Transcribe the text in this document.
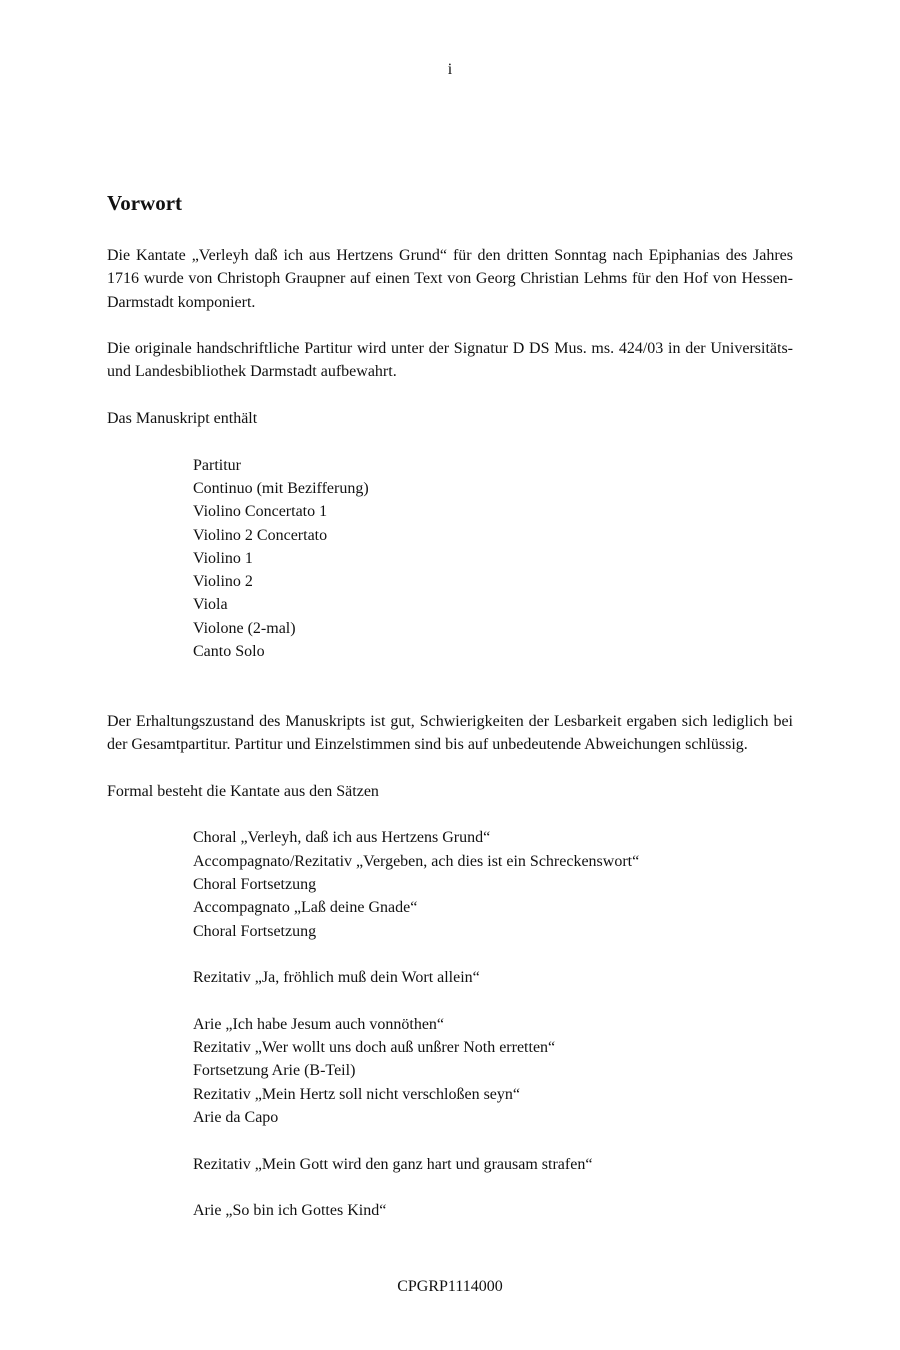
i
Vorwort

Die Kantate „Verleyh daß ich aus Hertzens Grund“ für den dritten Sonntag nach Epiphanias des Jahres 1716 wurde von Christoph Graupner auf einen Text von Georg Christian Lehms für den Hof von Hessen-Darmstadt komponiert.

Die originale handschriftliche Partitur wird unter der Signatur D DS Mus. ms. 424/03 in der Universitäts- und Landesbibliothek Darmstadt aufbewahrt.

Das Manuskript enthält

Partitur
Continuo (mit Bezifferung)
Violino Concertato 1
Violino 2 Concertato
Violino 1
Violino 2
Viola
Violone (2-mal)
Canto Solo

Der Erhaltungszustand des Manuskripts ist gut, Schwierigkeiten der Lesbarkeit ergaben sich lediglich bei der Gesamtpartitur. Partitur und Einzelstimmen sind bis auf unbedeutende Abweichungen schlüssig.

Formal besteht die Kantate aus den Sätzen

Choral „Verleyh, daß ich aus Hertzens Grund“
Accompagnato/Rezitativ „Vergeben, ach dies ist ein Schreckenswort“
Choral Fortsetzung
Accompagnato „Laß deine Gnade“
Choral Fortsetzung
Rezitativ „Ja, fröhlich muß dein Wort allein“
Arie „Ich habe Jesum auch vonnöthen“
Rezitativ „Wer wollt uns doch auß unßrer Noth erretten“
Fortsetzung Arie (B-Teil)
Rezitativ „Mein Hertz soll nicht verschloßen seyn“
Arie da Capo
Rezitativ „Mein Gott wird den ganz hart und grausam strafen“
Arie „So bin ich Gottes Kind“
CPGRP1114000
